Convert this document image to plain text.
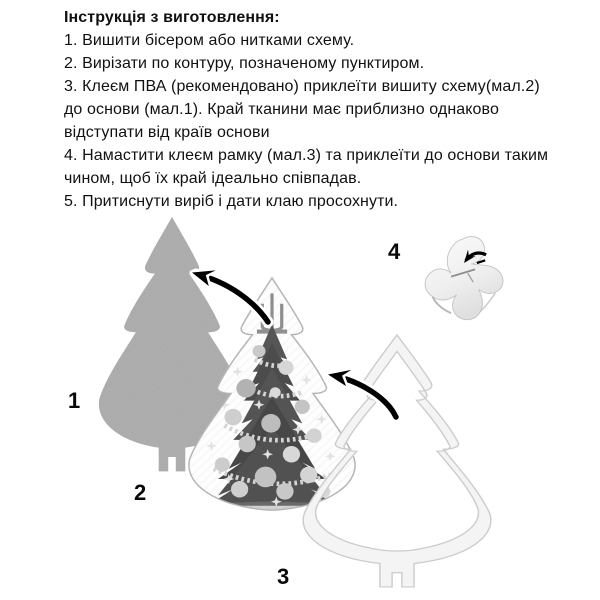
Інструкція з виготовлення:

1. Вишити бісером або нитками схему.

2. Вирізати по контуру, позначеному пунктиром.

3. Клеєм ПВА (рекомендовано) приклеїти вишиту схему(мал.2) до основи (мал.1). Край тканини має приблизно однаково відступати від країв основи

4. Намастити клеєм рамку (мал.3) та приклеїти до основи таким чином, щоб їх край ідеально співпадав.

5. Притиснути виріб і дати клаю просохнути.

1
2
3
4
